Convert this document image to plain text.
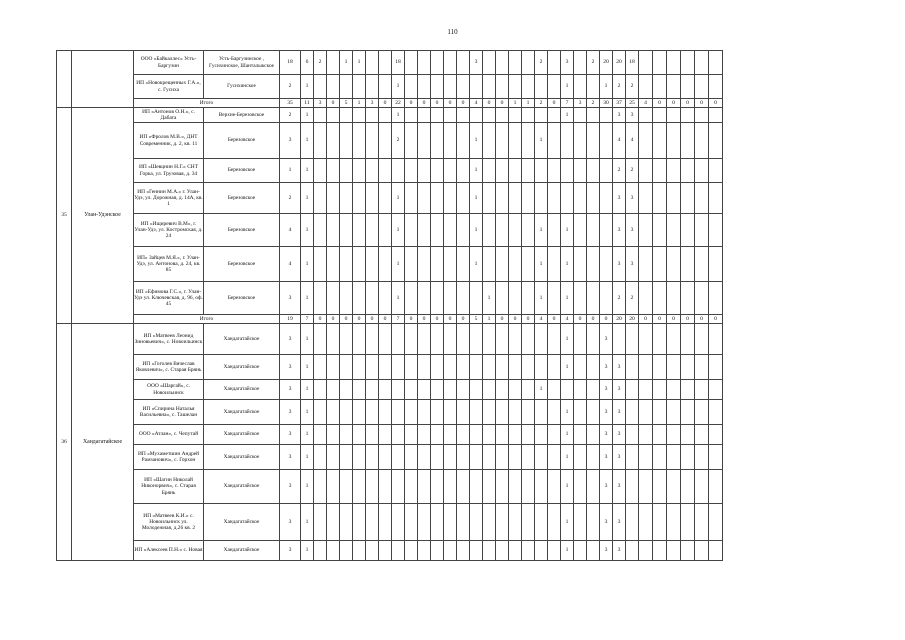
110
		ООО «Байкаллес» Усть-Баргузин	Усть-Баргузинское , Гусихинское, Шанталыкское	18	6	2		1	1			18						3					2		3		2	20	20	18						
		ИП «Новокрещенных Г.А.», с. Гусиха	Гусихинское	2	1							1													1			1	2	2						
		Итого		35	11	3	0	5	1	3	0	22	0	0	0	0	0	4	0	0	1	1	2	0	7	3	2	30	37	25	4	0	0	0	0	0
35	Улан-Удэнское	ИП «Антонов О.Н.», с. Дабата	Верхне-Березовское	2	1							1													1				3	3						
		ИП «Фролов М.В.», ДНТ Современник, д. 2, кв. 11	Березовское	3	1							2						1					1						4	4						
		ИП «Шевцнин Н.Г.» СНТ Горка, ул. Грузовая, д. 34	Березовское	1	1													1											2	2						
		ИП «Геннин М.А.» г. Улан-Удэ, ул. Дорожная, д. 14А, кв. 1	Березовское	2	1							1						1											3	3						
		ИП «Ищиревич В.М», г. Улан-Удэ, ул. Костромская, д. 24	Березовское	4	1							1						1					1		1				3	3						
		ИП» Зайцев М.Я.», г. Улан-Удэ, ул. Антонова, д. 24, кв. 85	Березовское	4	1							1						1					1		1				3	3						
		ИП «Ефимова Г.С.», г. Улан-Удэ ул. Ключевская, д. 96, оф. 45	Березовское	3	1							1							1				1		1				2	2						
		Итого		19	7	0	0	0	0	0	0	7	0	0	0	0	0	5	1	0	0	0	4	0	4	0	0	0	20	20	0	0	0	0	0	0
36	Хандагатайское	ИП «Матвеев Леонид Зиновьевич», с. Новоильинск	Хандагатайское	3	1																				1			3								
		ИП «Гоголев Вячеслав Яковлевич», с. Старая Брянь	Хандагатайское	3	1																				1			3	3							
		ООО «Шаргай», с. Новоильинск	Хандагатайское	3	1																		1					3	3							
		ИП «Спирина Наталья Васильевна», с. Ташелан	Хандагатайское	3	1																				1			3	3							
		ООО «Атлан», с. Чепутай	Хандагатайское	3	1																				1			3	3							
		ИП «Мухаметшин Андрей Рамзанович», с. Горхон	Хандагатайское	3	1																				1			3	3							
		ИП «Шагин Николай Никонорвич», с. Старая Брянь	Хандагатайское	3	1																				1			3	3							
		ИП «Матвеев К.И.» с. Новоильинск ул. Молодежная, д.26 кв. 2	Хандагатайское	3	1																				1			3	3							
		ИП «Алексеев П.Н.» с. Новая	Хандагатайское	3	1																				1			3	3							
